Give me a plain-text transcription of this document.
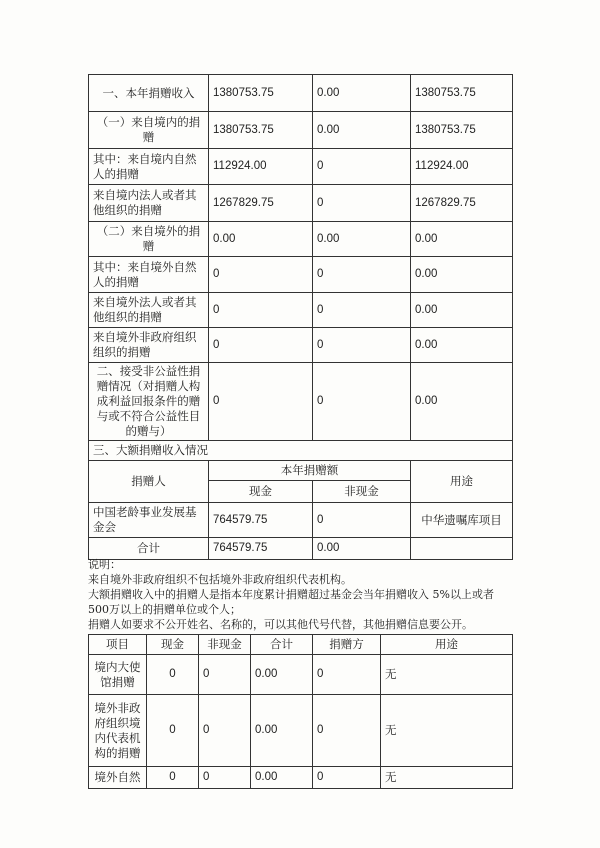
一、本年捐赠收入	1380753.75	0.00	1380753.75
（一）来自境内的捐赠	1380753.75	0.00	1380753.75
其中：来自境内自然人的捐赠	112924.00	0	112924.00
来自境内法人或者其他组织的捐赠	1267829.75	0	1267829.75
（二）来自境外的捐赠	0.00	0.00	0.00
其中：来自境外自然人的捐赠	0	0	0.00
来自境外法人或者其他组织的捐赠	0	0	0.00
来自境外非政府组织组织的捐赠	0	0	0.00
二、接受非公益性捐赠情况（对捐赠人构成利益回报条件的赠与或不符合公益性目的赠与）	0	0	0.00
三、大额捐赠收入情况			
捐赠人	本年捐赠额		用途
	现金	非现金	
中国老龄事业发展基金会	764579.75	0	中华遗嘱库项目
合计	764579.75	0.00	
说明：
来自境外非政府组织不包括境外非政府组织代表机构。
大额捐赠收入中的捐赠人是指本年度累计捐赠超过基金会当年捐赠收入 5%以上或者 500万以上的捐赠单位或个人；
捐赠人如要求不公开姓名、名称的，可以其他代号代替，其他捐赠信息要公开。
项目	现金	非现金	合计	捐赠方	用途
境内大使馆捐赠	0	0	0.00	0	无
境外非政府组织境内代表机构的捐赠	0	0	0.00	0	无
境外自然	0	0	0.00	0	无
